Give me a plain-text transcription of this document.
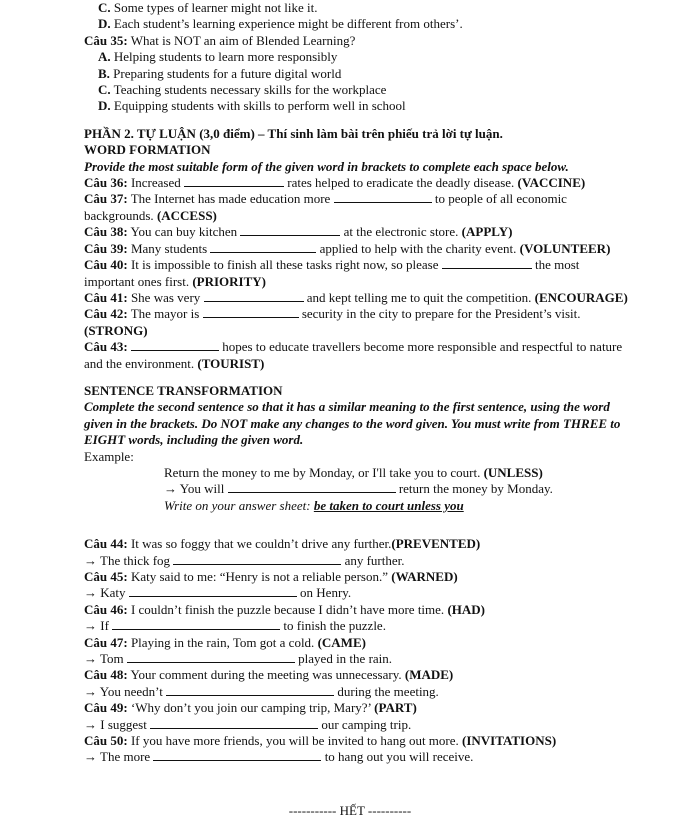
C. Some types of learner might not like it.
D. Each student’s learning experience might be different from others’.
Câu 35: What is NOT an aim of Blended Learning?
A. Helping students to learn more responsibly
B. Preparing students for a future digital world
C. Teaching students necessary skills for the workplace
D. Equipping students with skills to perform well in school
PHẦN 2. TỰ LUẬN (3,0 điểm) – Thí sinh làm bài trên phiếu trả lời tự luận.
WORD FORMATION
Provide the most suitable form of the given word in brackets to complete each space below.
Câu 36: Increased	rates helped to eradicate the deadly disease. (VACCINE)
Câu 37: The Internet has made education more	to people of all economic
backgrounds. (ACCESS)
Câu 38: You can buy kitchen	at the electronic store. (APPLY)
Câu 39: Many students	applied to help with the charity event. (VOLUNTEER)
Câu 40: It is impossible to finish all these tasks right now, so please	the most
important ones first. (PRIORITY)
Câu 41: She was very	and kept telling me to quit the competition. (ENCOURAGE)
Câu 42: The mayor is	security in the city to prepare for the President’s visit.
(STRONG)
Câu 43:	hopes to educate travellers become more responsible and respectful to nature
and the environment. (TOURIST)
SENTENCE TRANSFORMATION
Complete the second sentence so that it has a similar meaning to the first sentence, using the word given in the brackets. Do NOT make any changes to the word given. You must write from THREE to EIGHT words, including the given word.
Example:
Return the money to me by Monday, or I'll take you to court. (UNLESS)
→ You will	return the money by Monday.
Write on your answer sheet: be taken to court unless you
Câu 44: It was so foggy that we couldn’t drive any further.(PREVENTED)
→ The thick fog	any further.
Câu 45: Katy said to me: “Henry is not a reliable person.” (WARNED)
→ Katy	on Henry.
Câu 46: I couldn’t finish the puzzle because I didn’t have more time. (HAD)
→ If	to finish the puzzle.
Câu 47: Playing in the rain, Tom got a cold. (CAME)
→ Tom	played in the rain.
Câu 48: Your comment during the meeting was unnecessary. (MADE)
→ You needn’t	during the meeting.
Câu 49: ‘Why don’t you join our camping trip, Mary?’ (PART)
→ I suggest	our camping trip.
Câu 50: If you have more friends, you will be invited to hang out more. (INVITATIONS)
→ The more	to hang out you will receive.
----------- HẾT ----------
